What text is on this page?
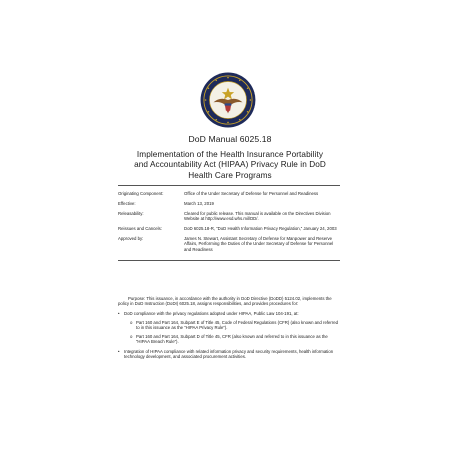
DoD Manual 6025.18
Implementation of the Health Insurance Portability
and Accountability Act (HIPAA) Privacy Rule in DoD
Health Care Programs
Originating Component:	Office of the Under Secretary of Defense for Personnel and Readiness
Effective:	March 13, 2019
Releasability:	Cleared for public release. This manual is available on the Directives Division Website at http://www.esd.whs.mil/DD/.
Reissues and Cancels:	DoD 6025.18-R, “DoD Health Information Privacy Regulation,” January 24, 2003
Approved by:	James N. Stewart, Assistant Secretary of Defense for Manpower and Reserve Affairs, Performing the Duties of the Under Secretary of Defense for Personnel and Readiness

Purpose: This issuance, in accordance with the authority in DoD Directive (DoDD) 5124.02, implements the policy in DoD Instruction (DoDI) 6025.18, assigns responsibilities, and provides procedures for:

•	DoD compliance with the privacy regulations adopted under HIPAA, Public Law 104-191, at:
o Part 160 and Part 164, Subpart E of Title 45, Code of Federal Regulations (CFR) (also known and referred to in this issuance as the “HIPAA Privacy Rule”).
o Part 160 and Part 164, Subpart D of Title 45, CFR (also known and referred to in this issuance as the “HIPAA Breach Rule”).
•	Integration of HIPAA compliance with related information privacy and security requirements, health information technology development, and associated procurement activities.
